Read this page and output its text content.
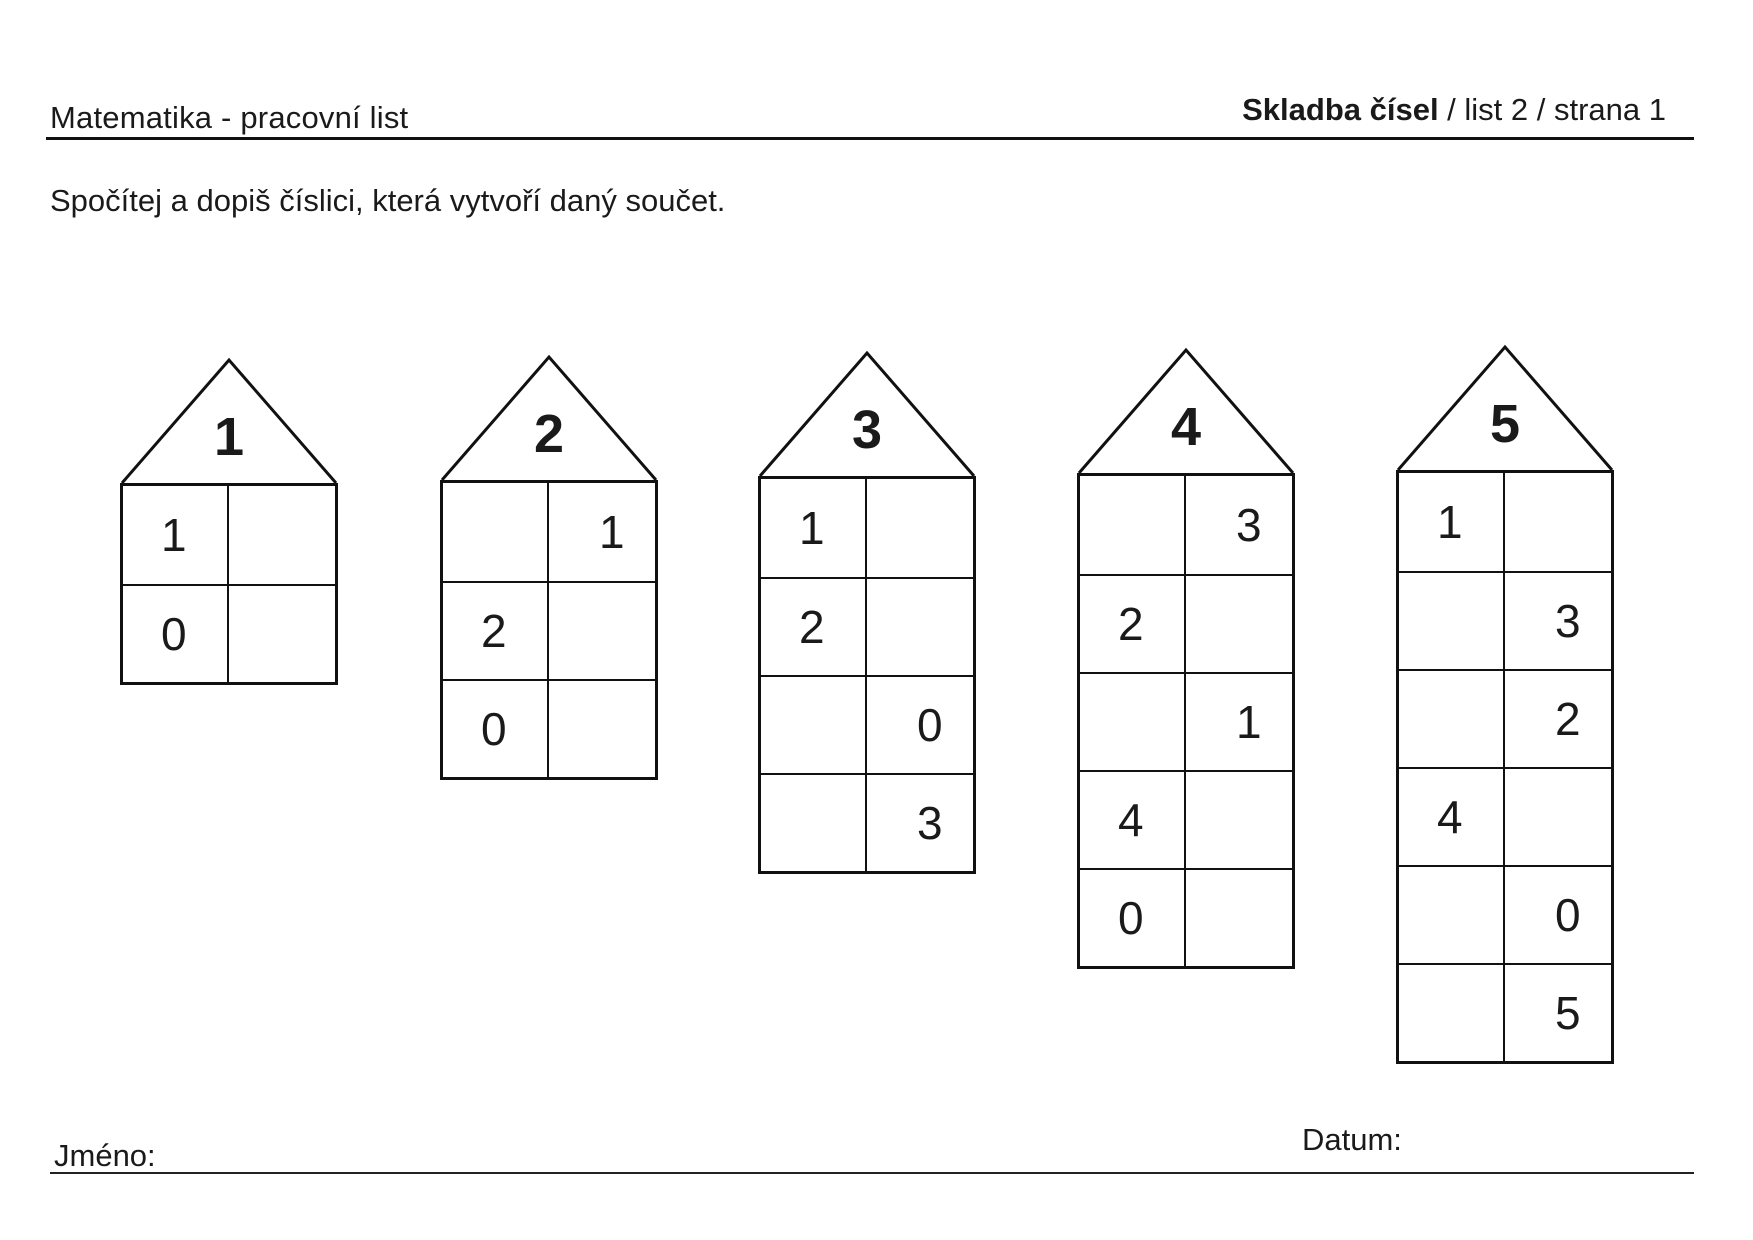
Matematika - pracovní list	Skladba čísel / list 2 / strana 1
Spočítej a dopiš číslici, která vytvoří daný součet.
1
1
0
2
1
2
0
3
1
2
0
3
4
3
2
1
4
0
5
1
3
2
4
0
5
Jméno:	Datum:
